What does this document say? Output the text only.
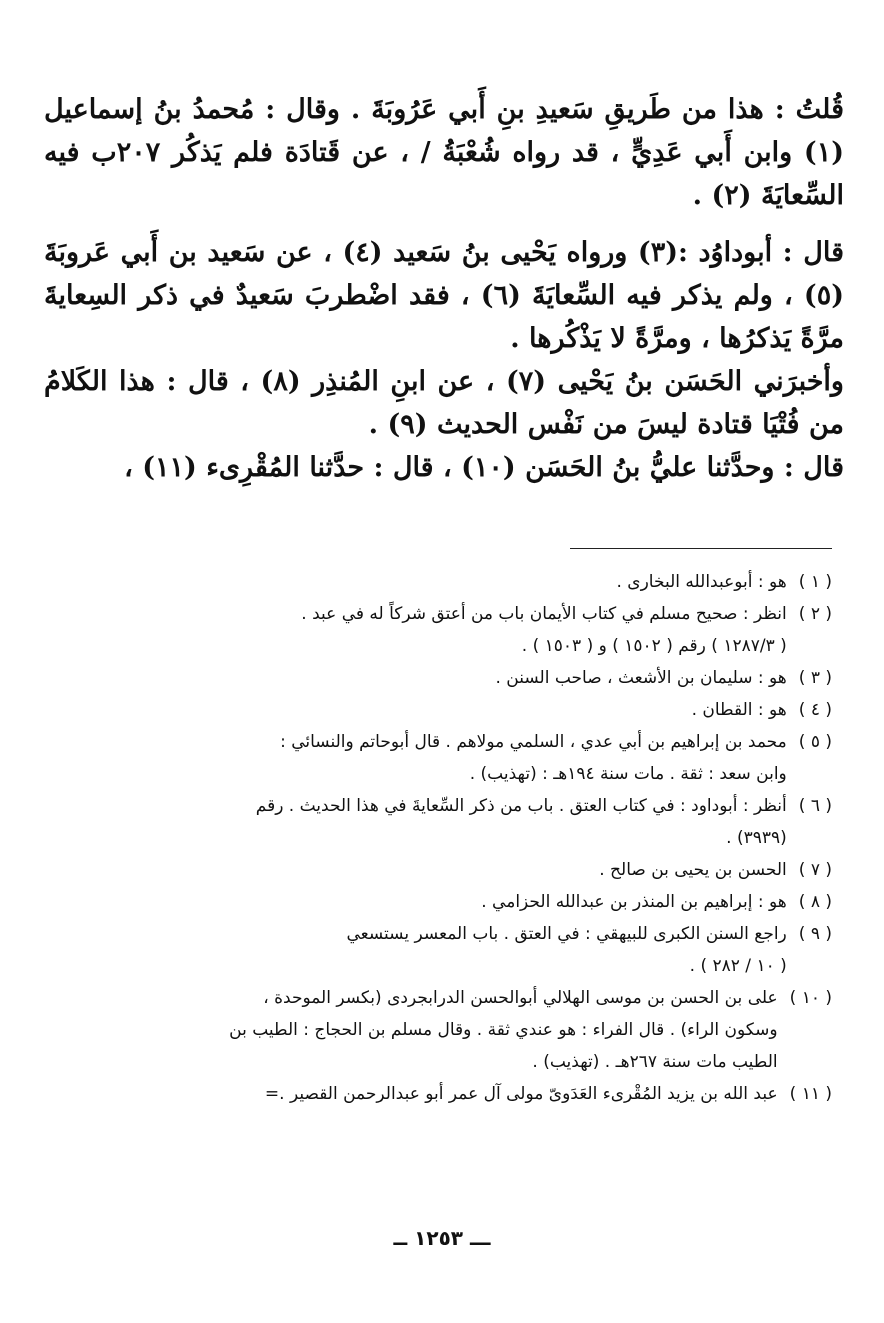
قُلتُ : هذا من طَريقِ سَعيدِ بنِ أَبي عَرُوبَةَ . وقال : مُحمدُ بنُ إسماعيل (١) وابن أَبي عَدِيٍّ ، قد رواه شُعْبَةُ / ، عن قَتادَة فلم يَذكُر ٢٠٧ب فيه السِّعايَةَ (٢) .

قال : أبوداوُد :(٣) ورواه يَحْيى بنُ سَعيد (٤) ، عن سَعيد بن أَبي عَروبَةَ (٥) ، ولم يذكر فيه السِّعايَةَ (٦) ، فقد اضْطربَ سَعيدٌ في ذكر السِعايةَ مرَّةً يَذكرُها ، ومرَّةً لا يَذْكُرها .

وأخبرَني الحَسَن بنُ يَحْيى (٧) ، عن ابنِ المُنذِر (٨) ، قال : هذا الكَلامُ من فُتْيَا قتادة ليسَ من نَفْس الحديث (٩) .

قال : وحدَّثنا عليُّ بنُ الحَسَن (١٠) ، قال : حدَّثنا المُقْرِىء (١١) ،

( ١ )
هو : أبوعبدالله البخارى .
( ٢ )
انظر : صحيح مسلم في كتاب الأيمان باب من أعتق شركاً له في عبد .
( ١٢٨٧/٣ ) رقم ( ١٥٠٢ ) و ( ١٥٠٣ ) .
( ٣ )
هو : سليمان بن الأشعث ، صاحب السنن .
( ٤ )
هو : القطان .
( ٥ )
محمد بن إبراهيم بن أبي عدي ، السلمي مولاهم . قال أبوحاتم والنسائي :
وابن سعد : ثقة . مات سنة ١٩٤هـ : (تهذيب) .
( ٦ )
أنظر : أبوداود : في كتاب العتق . باب من ذكر السِّعايةَ في هذا الحديث . رقم
(٣٩٣٩) .
( ٧ )
الحسن بن يحيى بن صالح .
( ٨ )
هو : إبراهيم بن المنذر بن عبدالله الحزامي .
( ٩ )
راجع السنن الكبرى للبيهقي : في العتق . باب المعسر يستسعي
( ١٠ / ٢٨٢ ) .
( ١٠ )
على بن الحسن بن موسى الهلالي أبوالحسن الدرابجردى (بكسر الموحدة ،
وسكون الراء) . قال الفراء : هو عندي ثقة . وقال مسلم بن الحجاج : الطيب بن
الطيب مات سنة ٢٦٧هـ . (تهذيب) .
( ١١ )
عبد الله بن يزيد المُقْرىء العَدَوىّ مولى آل عمر أبو عبدالرحمن القصير .=
ـــ ١٢٥٣ ــ
